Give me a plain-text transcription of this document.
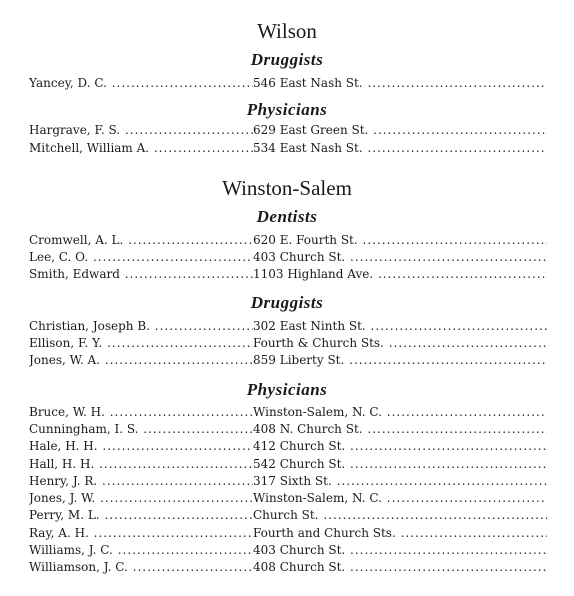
Wilson
Druggists
Yancey, D. C. .....	546 East Nash St. .....
Physicians
Hargrave, F. S. .....	629 East Green St. .....
Mitchell, William A. .....	534 East Nash St. .....
Winston-Salem
Dentists
Cromwell, A. L. .....	620 E. Fourth St. .....
Lee, C. O. .....	403 Church St. .....
Smith, Edward .....	1103 Highland Ave. .....
Druggists
Christian, Joseph B. .....	302 East Ninth St. .....
Ellison, F. Y. .....	Fourth & Church Sts. .....
Jones, W. A. .....	859 Liberty St. .....
Physicians
Bruce, W. H. .....	Winston-Salem, N. C. .....
Cunningham, I. S. .....	408 N. Church St. .....
Hale, H. H. .....	412 Church St. .....
Hall, H. H. .....	542 Church St. .....
Henry, J. R. .....	317 Sixth St. .....
Jones, J. W. .....	Winston-Salem, N. C. .....
Perry, M. L. .....	Church St. .....
Ray, A. H. .....	Fourth and Church Sts. .....
Williams, J. C. .....	403 Church St. .....
Williamson, J. C. .....	408 Church St. .....
